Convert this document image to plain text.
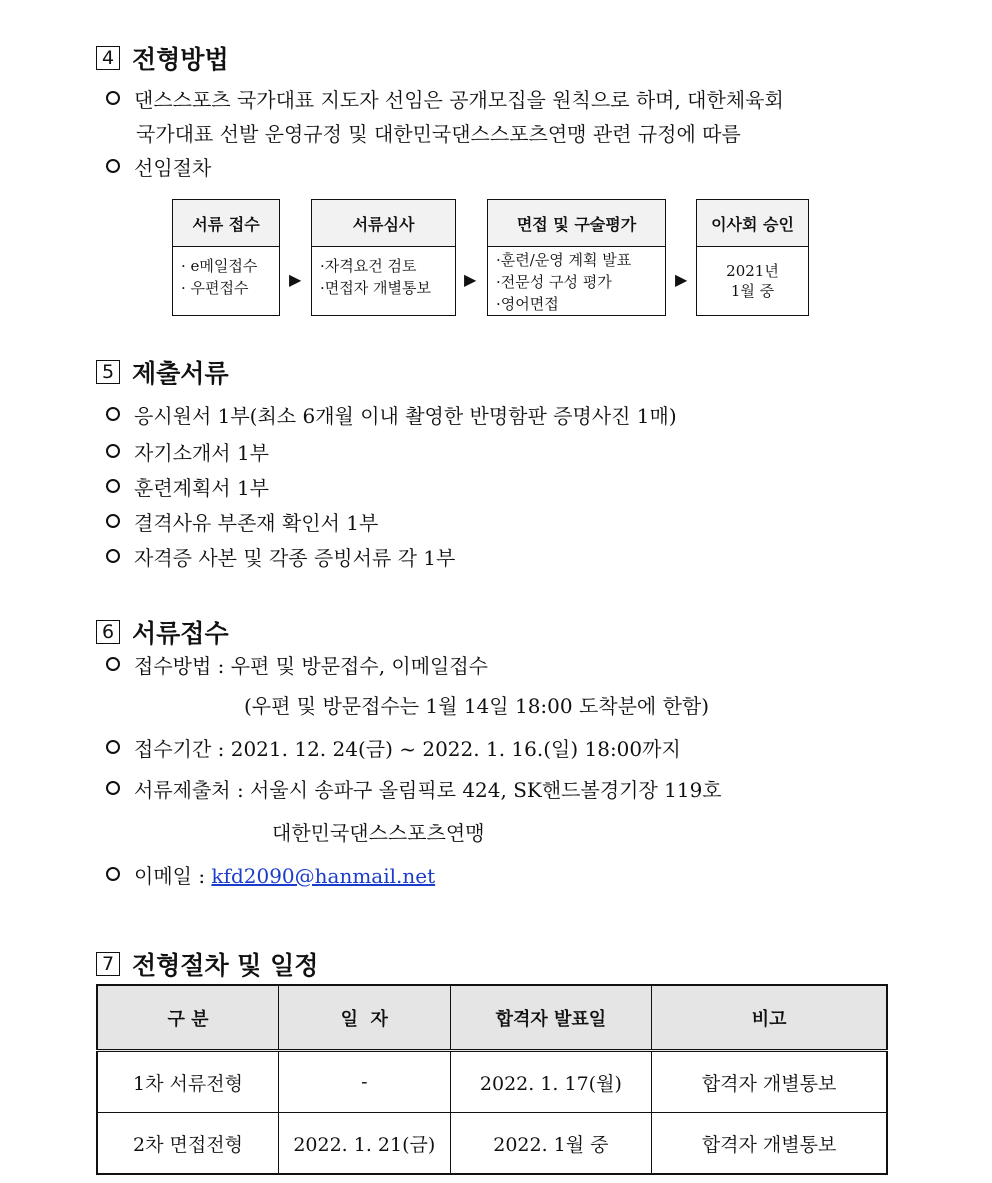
4 전형방법
댄스스포츠 국가대표 지도자 선임은 공개모집을 원칙으로 하며, 대한체육회
국가대표 선발 운영규정 및 대한민국댄스스포츠연맹 관련 규정에 따름
선임절차
서류 접수
· e메일접수
· 우편접수	▶
서류심사
·자격요건 검토
·면접자 개별통보	▶
면접 및 구술평가
·훈련/운영 계획 발표
·전문성 구성 평가
·영어면접
▶
이사회 승인
2021년
1월 중
5 제출서류
응시원서 1부(최소 6개월 이내 촬영한 반명함판 증명사진 1매)
자기소개서 1부
훈련계획서 1부
결격사유 부존재 확인서 1부
자격증 사본 및 각종 증빙서류 각 1부
6 서류접수
접수방법 : 우편 및 방문접수, 이메일접수
(우편 및 방문접수는 1월 14일 18:00 도착분에 한함)
접수기간 : 2021. 12. 24(금) ~ 2022. 1. 16.(일) 18:00까지
서류제출처 : 서울시 송파구 올림픽로 424, SK핸드볼경기장 119호
대한민국댄스스포츠연맹
이메일 : kfd2090@hanmail.net
7 전형절차 및 일정
구 분	일  자	합격자 발표일	비고
1차 서류전형	-	2022. 1. 17(월)	합격자 개별통보
2차 면접전형	2022. 1. 21(금)	2022. 1월 중	합격자 개별통보
